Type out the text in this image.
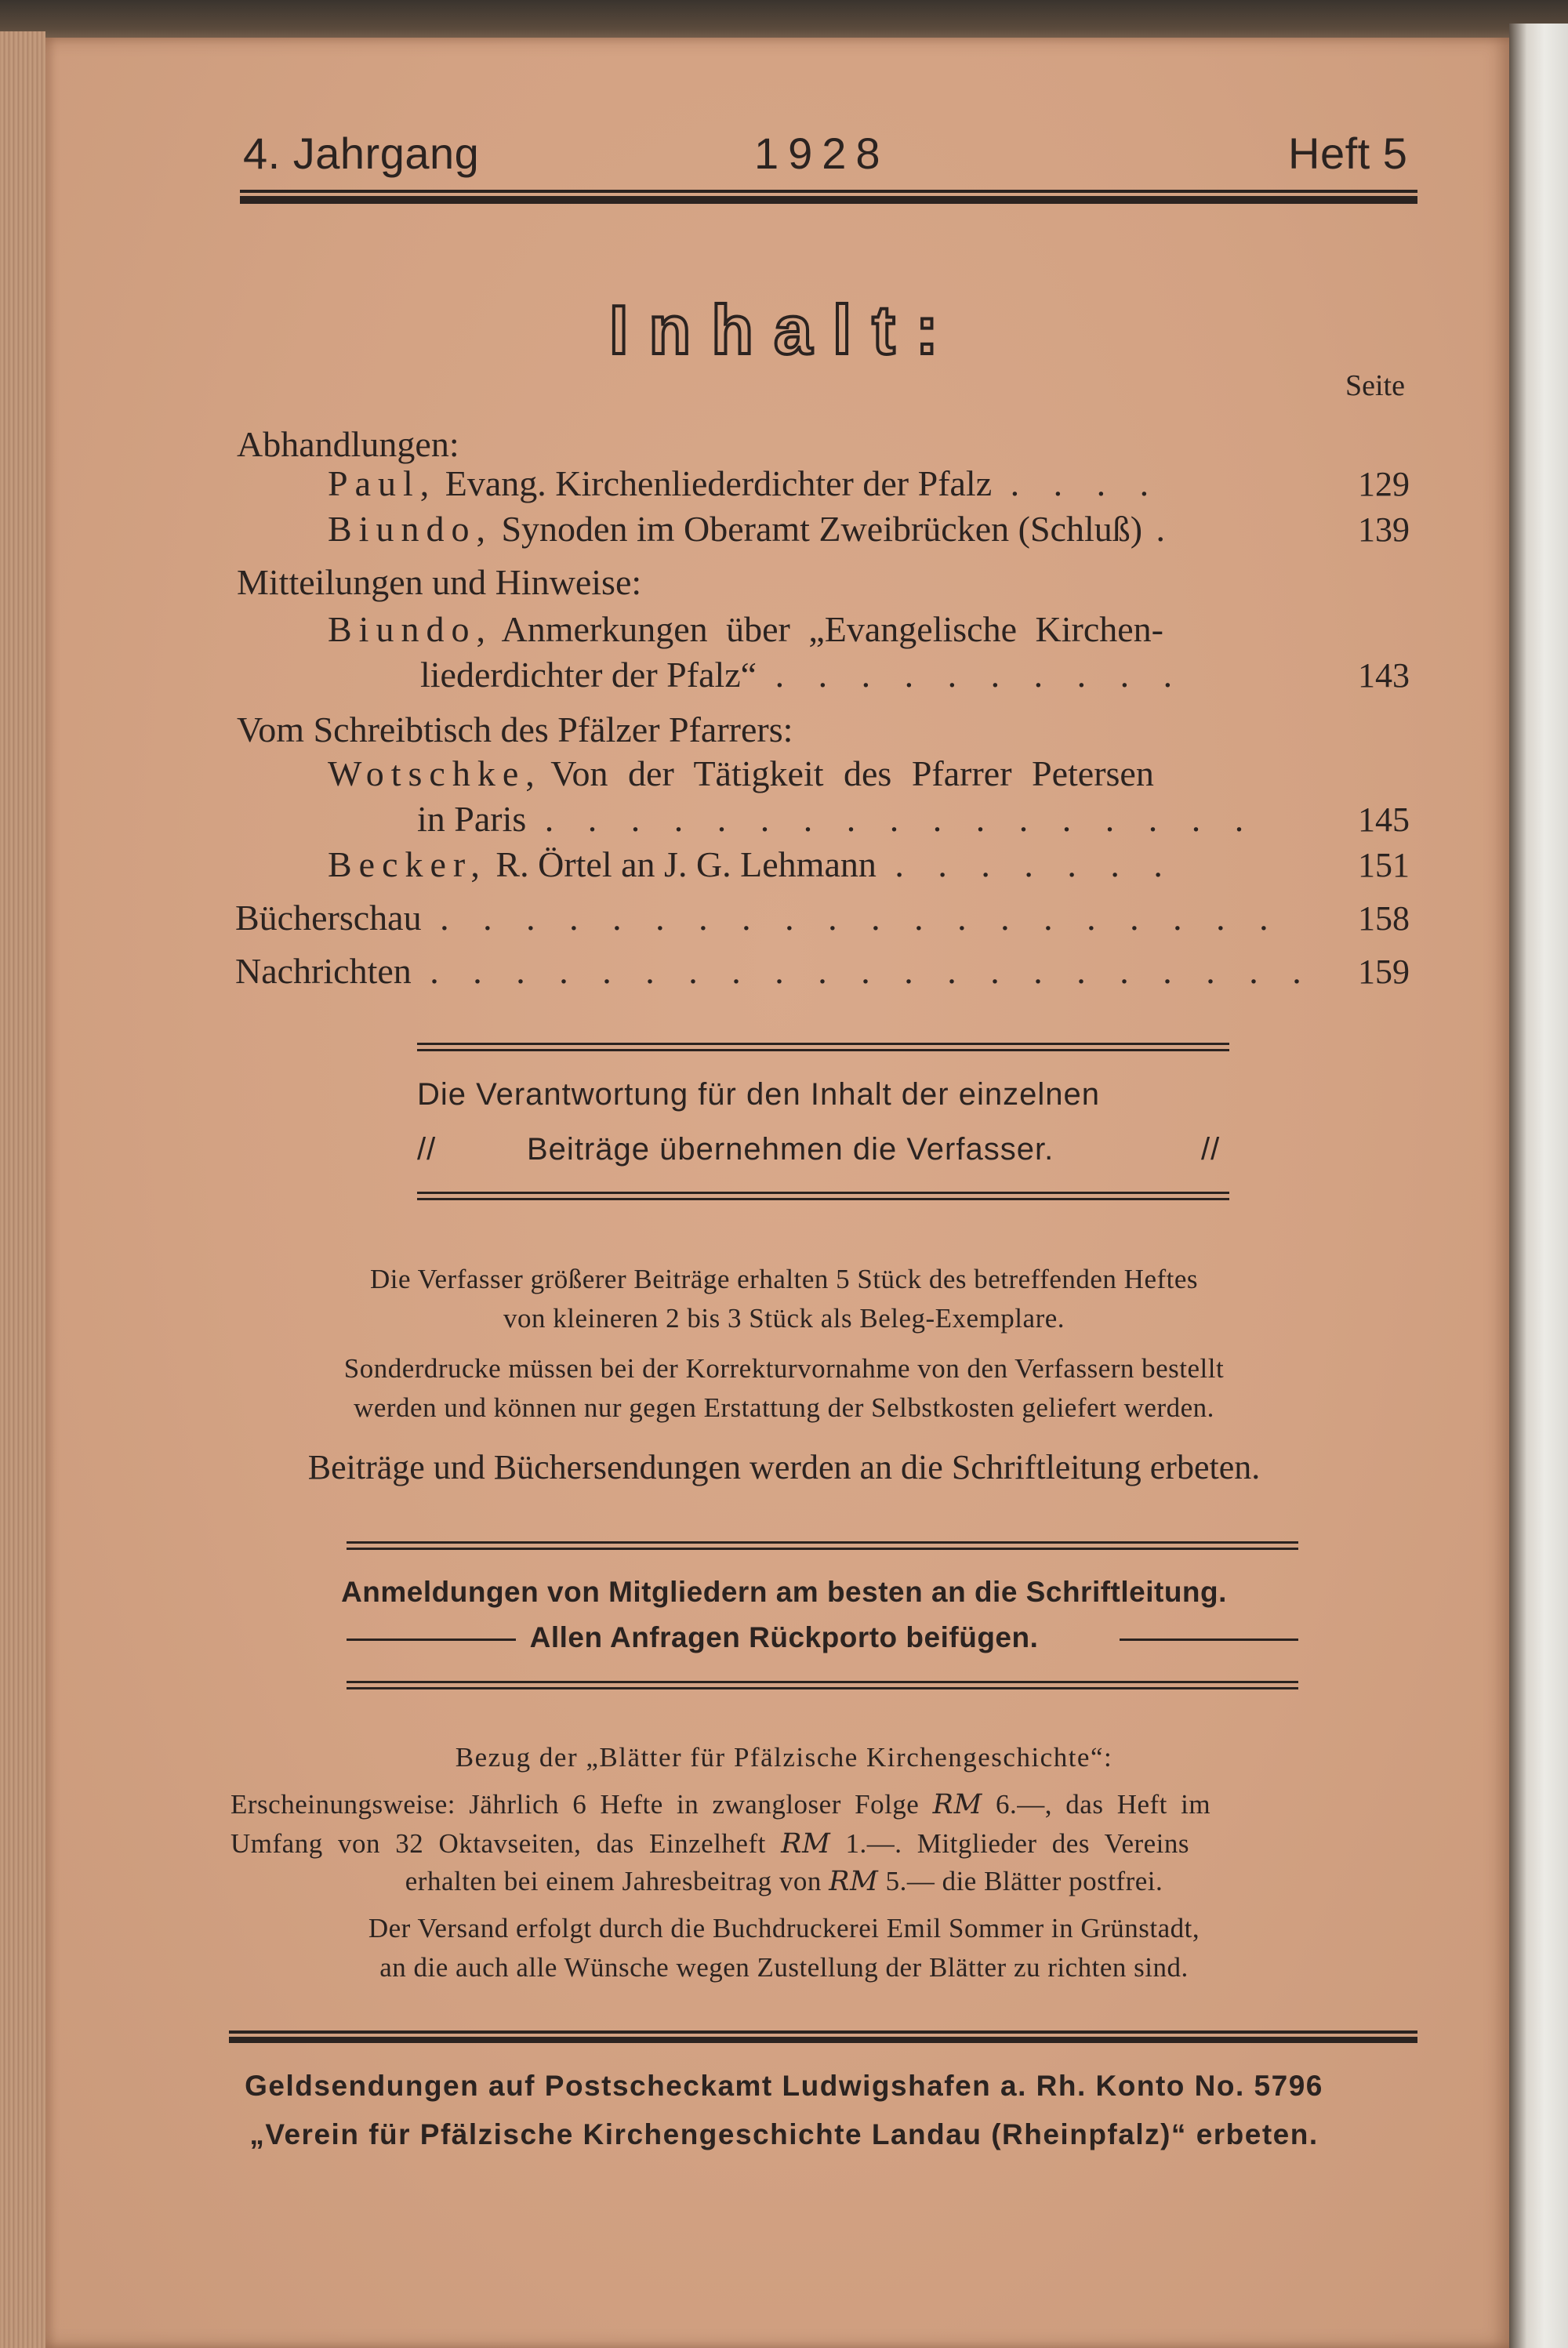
4. Jahrgang	1928	Heft 5
Inhalt:
Seite
Abhandlungen:
Paul, Evang. Kirchenliederdichter der Pfalz . . . .	129
Biundo, Synoden im Oberamt Zweibrücken (Schluß) .	139
Mitteilungen und Hinweise:
Biundo, Anmerkungen über „Evangelische Kirchen-
liederdichter der Pfalz“ . . . . . . . . . .	143
Vom Schreibtisch des Pfälzer Pfarrers:
Wotschke, Von der Tätigkeit des Pfarrer Petersen
in Paris . . . . . . . . . . . . . . . . .	145
Becker, R. Örtel an J. G. Lehmann . . . . . . .	151
Bücherschau . . . . . . . . . . . . . . . . . . . . 158
Nachrichten . . . . . . . . . . . . . . . . . . . . . 159
Die Verantwortung für den Inhalt der einzelnen
//	Beiträge übernehmen die Verfasser.	//
Die Verfasser größerer Beiträge erhalten 5 Stück des betreffenden Heftes
von kleineren 2 bis 3 Stück als Beleg-Exemplare.
Sonderdrucke müssen bei der Korrekturvornahme von den Verfassern bestellt
werden und können nur gegen Erstattung der Selbstkosten geliefert werden.
Beiträge und Büchersendungen werden an die Schriftleitung erbeten.
Anmeldungen von Mitgliedern am besten an die Schriftleitung.
Allen Anfragen Rückporto beifügen.
Bezug der „Blätter für Pfälzische Kirchengeschichte“:
Erscheinungsweise: Jährlich 6 Hefte in zwangloser Folge RM 6.—, das Heft im
Umfang von 32 Oktavseiten, das Einzelheft RM 1.—. Mitglieder des Vereins
erhalten bei einem Jahresbeitrag von RM 5.— die Blätter postfrei.
Der Versand erfolgt durch die Buchdruckerei Emil Sommer in Grünstadt,
an die auch alle Wünsche wegen Zustellung der Blätter zu richten sind.
Geldsendungen auf Postscheckamt Ludwigshafen a. Rh. Konto No. 5796
„Verein für Pfälzische Kirchengeschichte Landau (Rheinpfalz)“ erbeten.
